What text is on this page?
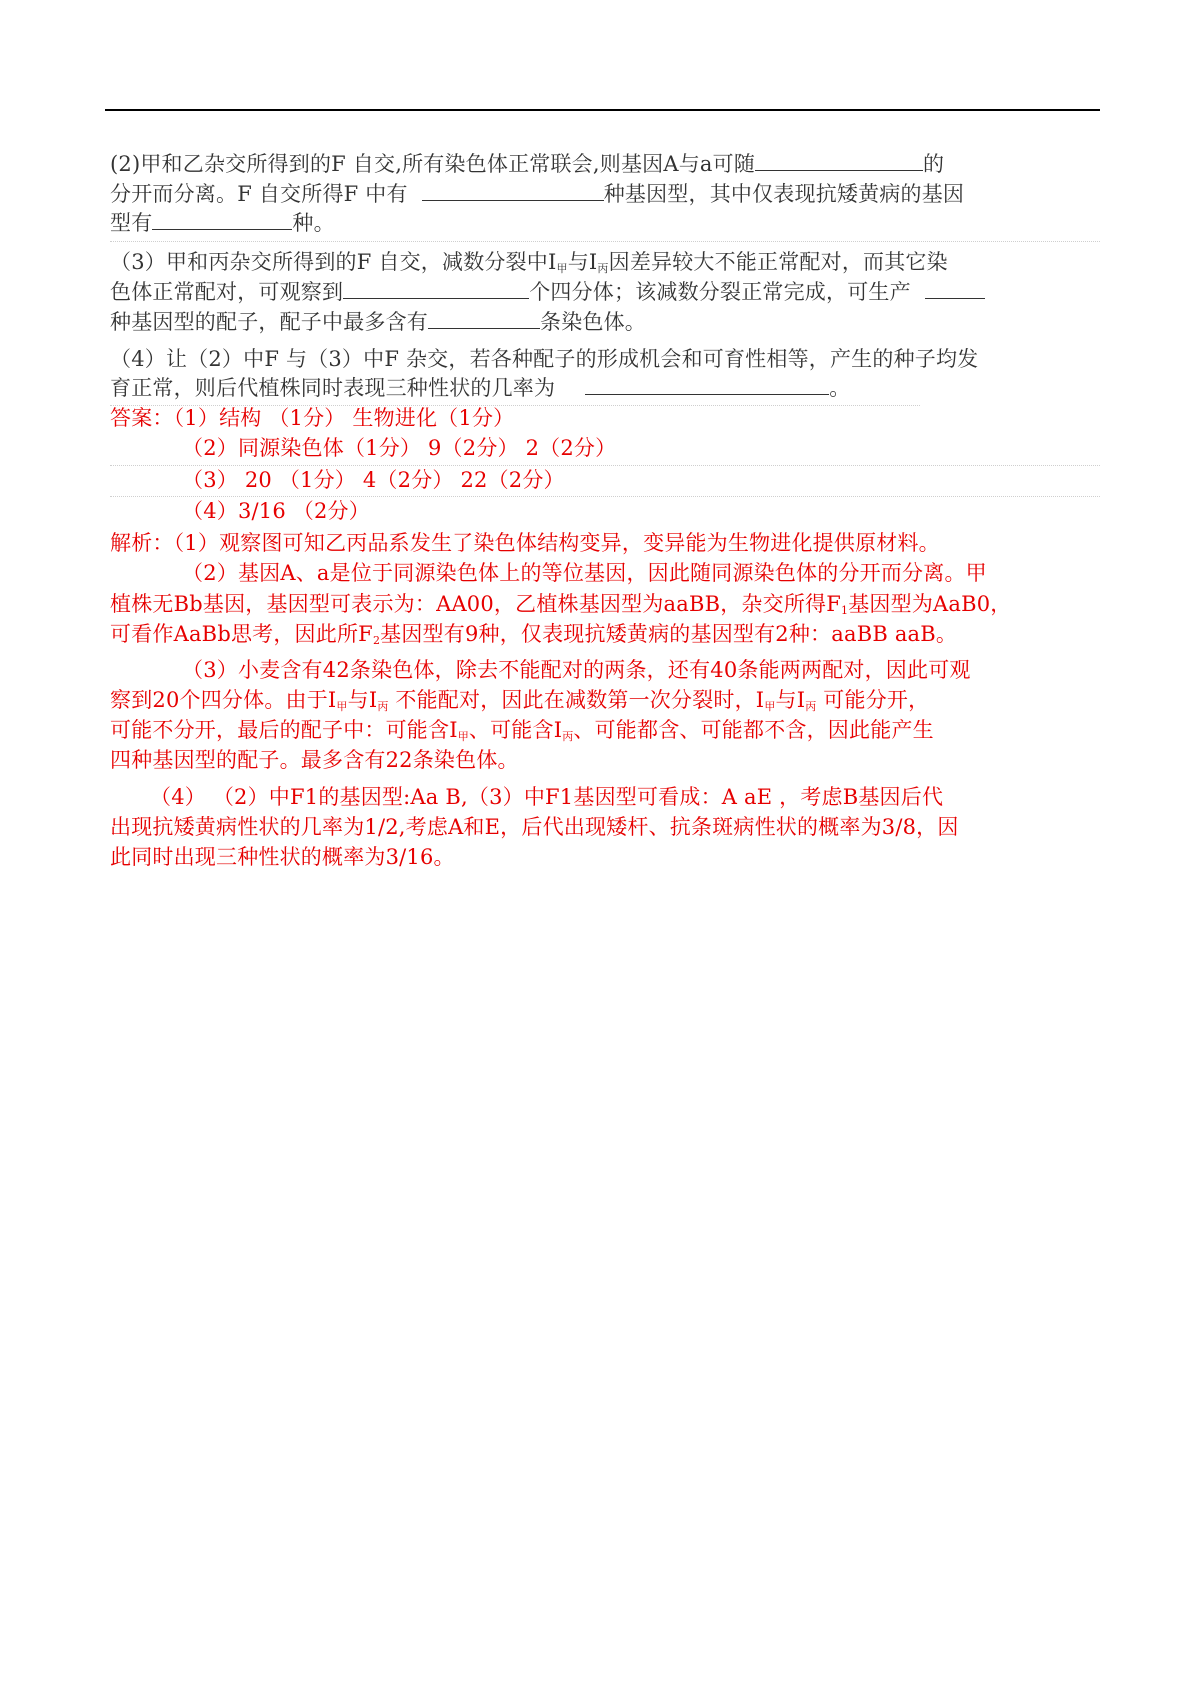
(2)甲和乙杂交所得到的F 自交,所有染色体正常联会,则基因A与a可随	的
分开而分离。F 自交所得F 中有	种基因型，其中仅表现抗矮黄病的基因
型有	种。
（3）甲和丙杂交所得到的F 自交，减数分裂中$Ⅰ_甲$与$Ⅰ_丙$因差异较大不能正常配对，而其它染
色体正常配对，可观察到	个四分体；该减数分裂正常完成，可生产
种基因型的配子，配子中最多含有	条染色体。
（4）让（2）中F 与（3）中F 杂交，若各种配子的形成机会和可育性相等，产生的种子均发
育正常，则后代植株同时表现三种性状的几率为	。
答案：（1）结构 （1分） 生物进化（1分）
（2）同源染色体（1分） 9（2分） 2（2分）
（3） 20 （1分） 4（2分） 22（2分）
（4）3/16 （2分）
解析：（1）观察图可知乙丙品系发生了染色体结构变异，变异能为生物进化提供原材料。
（2）基因A、a是位于同源染色体上的等位基因，因此随同源染色体的分开而分离。甲
植株无Bb基因，基因型可表示为：AA00，乙植株基因型为aaBB，杂交所得$F_1$基因型为AaB0，
可看作AaBb思考，因此所$F_2$基因型有9种，仅表现抗矮黄病的基因型有2种：aaBB aaB。
（3）小麦含有42条染色体，除去不能配对的两条，还有40条能两两配对，因此可观
察到20个四分体。由于$Ⅰ_甲$与$Ⅰ_丙$ 不能配对，因此在减数第一次分裂时，$Ⅰ_甲$与$Ⅰ_丙$ 可能分开，
可能不分开，最后的配子中：可能含$Ⅰ_甲$、可能含$Ⅰ_丙$、可能都含、可能都不含，因此能产生
四种基因型的配子。最多含有22条染色体。
（4） （2）中F1的基因型:Aa B,（3）中F1基因型可看成：A aE ，考虑B基因后代
出现抗矮黄病性状的几率为1/2,考虑A和E，后代出现矮杆、抗条斑病性状的概率为3/8，因
此同时出现三种性状的概率为3/16。
